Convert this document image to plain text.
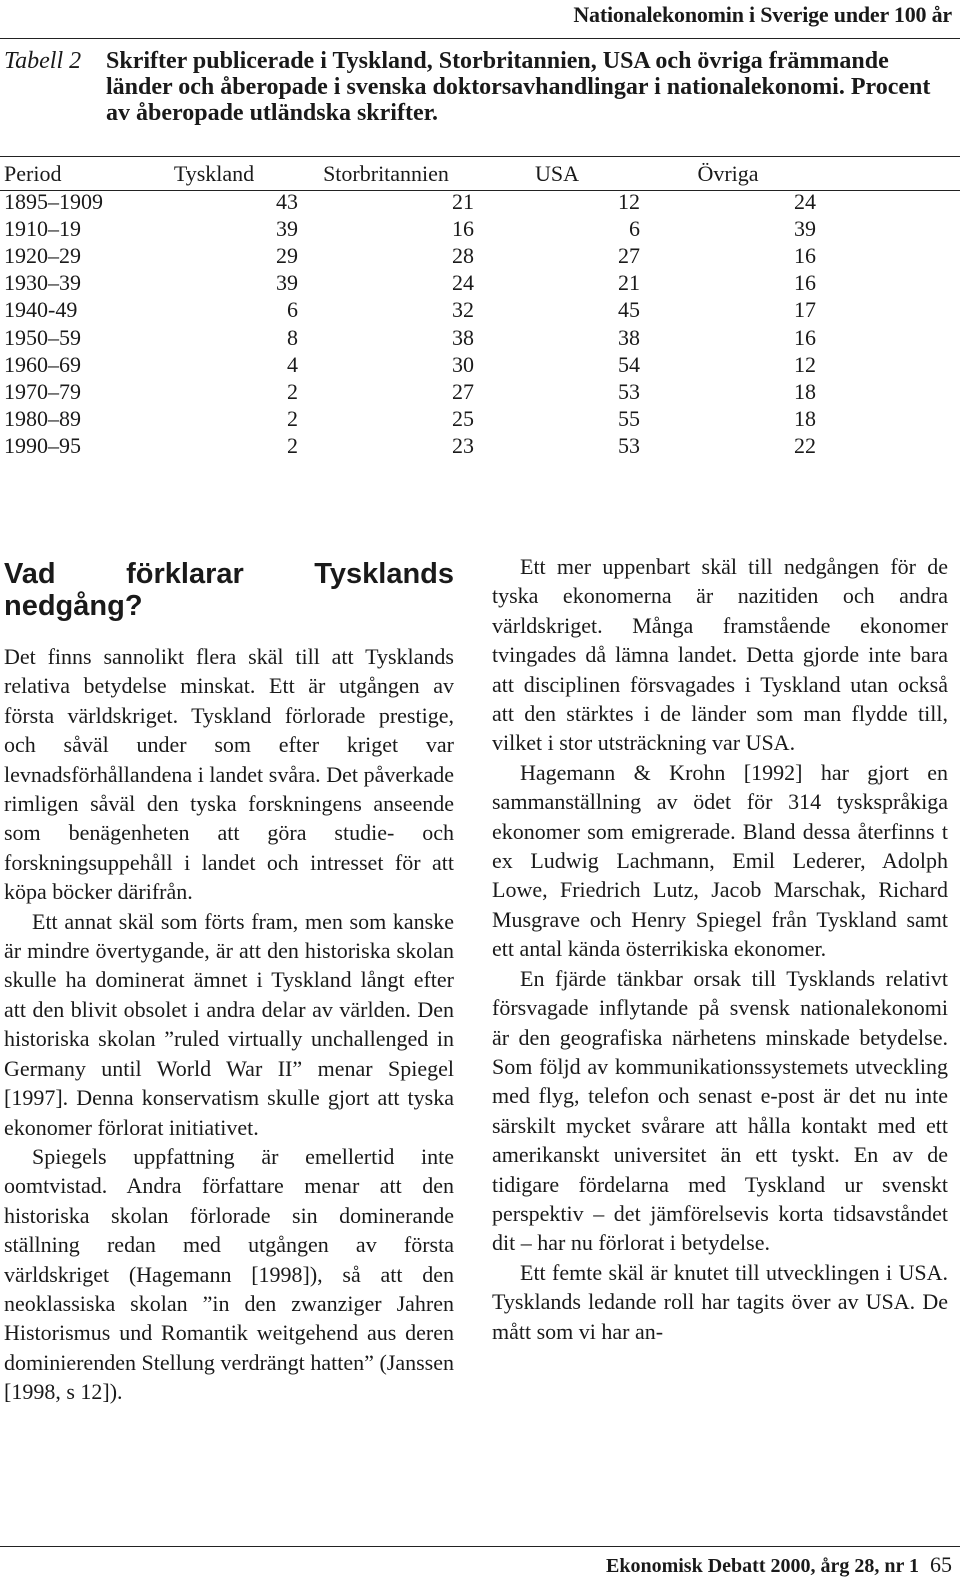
Nationalekonomin i Sverige under 100 år
Tabell 2 Skrifter publicerade i Tyskland, Storbritannien, USA och övriga främmande länder och åberopade i svenska doktorsavhandlingar i nationalekonomi. Procent av åberopade utländska skrifter.
Period	Tyskland	Storbritannien	USA	Övriga	
1895–1909	43	21	12	24	
1910–19	39	16	6	39	
1920–29	29	28	27	16	
1930–39	39	24	21	16	
1940-49	6	32	45	17	
1950–59	8	38	38	16	
1960–69	4	30	54	12	
1970–79	2	27	53	18	
1980–89	2	25	55	18	
1990–95	2	23	53	22	
Vad förklarar Tysklands nedgång?

Det finns sannolikt flera skäl till att Tysklands relativa betydelse minskat. Ett är utgången av första världskriget. Tyskland förlorade prestige, och såväl under som efter kriget var levnadsförhållandena i landet svåra. Det påverkade rimligen såväl den tyska forskningens anseende som benägenheten att göra studie- och forskningsuppehåll i landet och intresset för att köpa böcker därifrån.

Ett annat skäl som förts fram, men som kanske är mindre övertygande, är att den historiska skolan skulle ha dominerat ämnet i Tyskland långt efter att den blivit obsolet i andra delar av världen. Den historiska skolan ”ruled virtually unchallenged in Germany until World War II” menar Spiegel [1997]. Denna konservatism skulle gjort att tyska ekonomer förlorat initiativet.

Spiegels uppfattning är emellertid inte oomtvistad. Andra författare menar att den historiska skolan förlorade sin dominerande ställning redan med utgången av första världskriget (Hagemann [1998]), så att den neoklassiska skolan ”in den zwanziger Jahren Historismus und Romantik weitgehend aus deren dominierenden Stellung verdrängt hatten” (Janssen [1998, s 12]).

Ett mer uppenbart skäl till nedgången för de tyska ekonomerna är nazitiden och andra världskriget. Många framstående ekonomer tvingades då lämna landet. Detta gjorde inte bara att disciplinen försvagades i Tyskland utan också att den stärktes i de länder som man flydde till, vilket i stor utsträckning var USA.

Hagemann & Krohn [1992] har gjort en sammanställning av ödet för 314 tyskspråkiga ekonomer som emigrerade. Bland dessa återfinns t ex Ludwig Lachmann, Emil Lederer, Adolph Lowe, Friedrich Lutz, Jacob Marschak, Richard Musgrave och Henry Spiegel från Tyskland samt ett antal kända österrikiska ekonomer.

En fjärde tänkbar orsak till Tysklands relativt försvagade inflytande på svensk nationalekonomi är den geografiska närhetens minskade betydelse. Som följd av kommunikationssystemets utveckling med flyg, telefon och senast e-post är det nu inte särskilt mycket svårare att hålla kontakt med ett amerikanskt universitet än ett tyskt. En av de tidigare fördelarna med Tyskland ur svenskt perspektiv – det jämförelsevis korta tidsavståndet dit – har nu förlorat i betydelse.

Ett femte skäl är knutet till utvecklingen i USA. Tysklands ledande roll har tagits över av USA. De mått som vi har an-

Ekonomisk Debatt 2000, årg 28, nr 1 65
